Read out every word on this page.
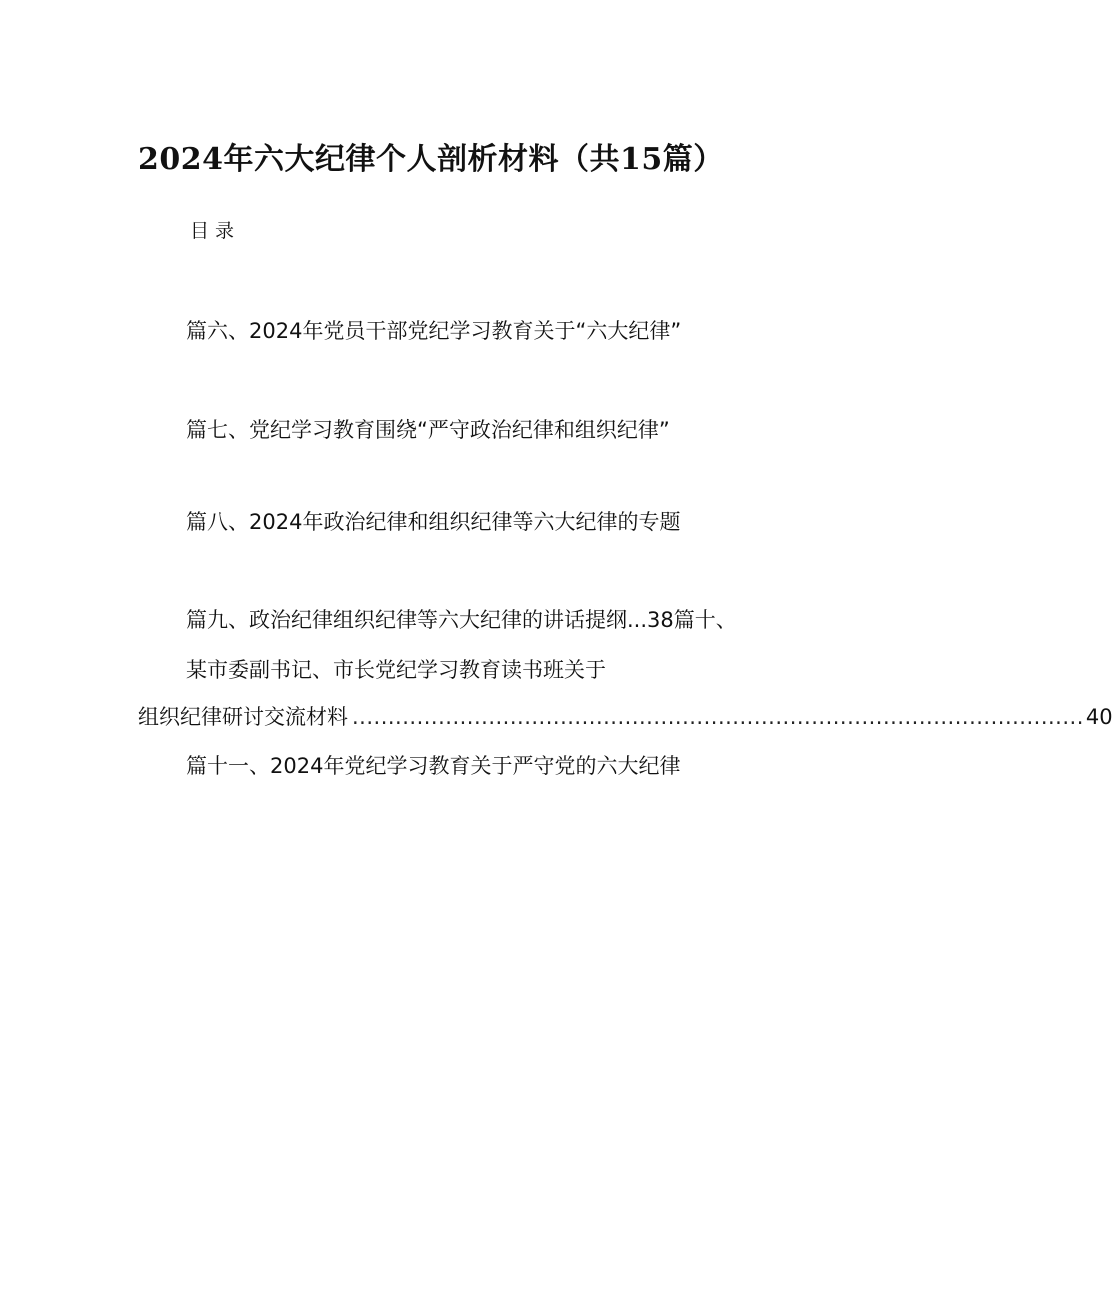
2024年六大纪律个人剖析材料（共15篇）
目录
篇六、2024年党员干部党纪学习教育关于“六大纪律”
篇七、党纪学习教育围绕“严守政治纪律和组织纪律”
篇八、2024年政治纪律和组织纪律等六大纪律的专题
篇九、政治纪律组织纪律等六大纪律的讲话提纲...38篇十、
某市委副书记、市长党纪学习教育读书班关于
组织纪律研讨交流材料 ...................................................................................................... 40
篇十一、2024年党纪学习教育关于严守党的六大纪律
